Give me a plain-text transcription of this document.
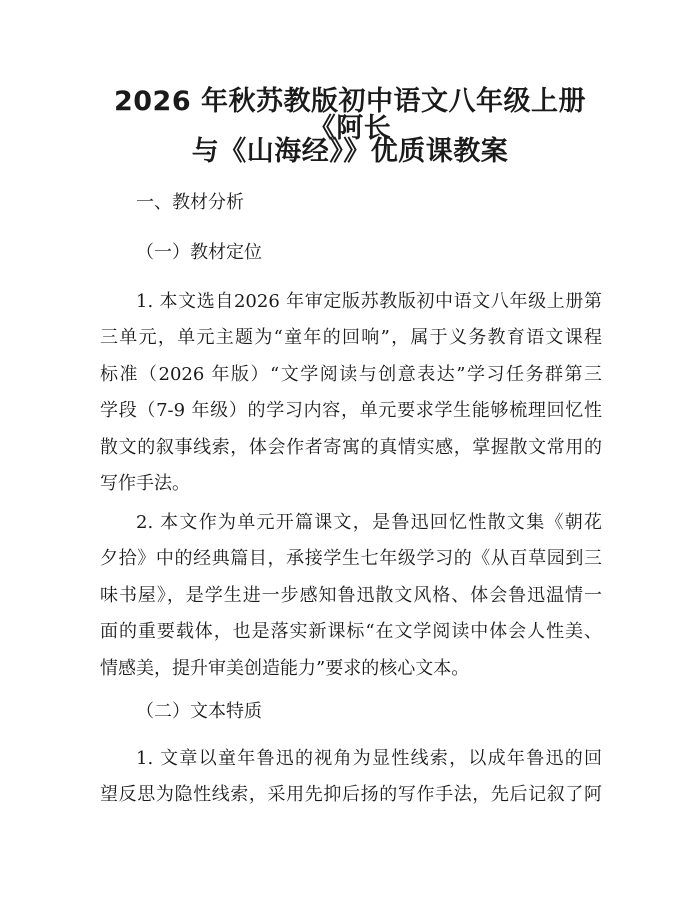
2026 年秋苏教版初中语文八年级上册《阿长
与《山海经》》优质课教案

一、教材分析

（一）教材定位

1. 本文选自2026 年审定版苏教版初中语文八年级上册第
三单元，单元主题为“童年的回响”，属于义务教育语文课程
标准（2026 年版）“文学阅读与创意表达”学习任务群第三
学段（7-9 年级）的学习内容，单元要求学生能够梳理回忆性
散文的叙事线索，体会作者寄寓的真情实感，掌握散文常用的
写作手法。

2. 本文作为单元开篇课文，是鲁迅回忆性散文集《朝花
夕拾》中的经典篇目，承接学生七年级学习的《从百草园到三
味书屋》，是学生进一步感知鲁迅散文风格、体会鲁迅温情一
面的重要载体，也是落实新课标“在文学阅读中体会人性美、
情感美，提升审美创造能力”要求的核心文本。

（二）文本特质

1. 文章以童年鲁迅的视角为显性线索，以成年鲁迅的回
望反思为隐性线索，采用先抑后扬的写作手法，先后记叙了阿
